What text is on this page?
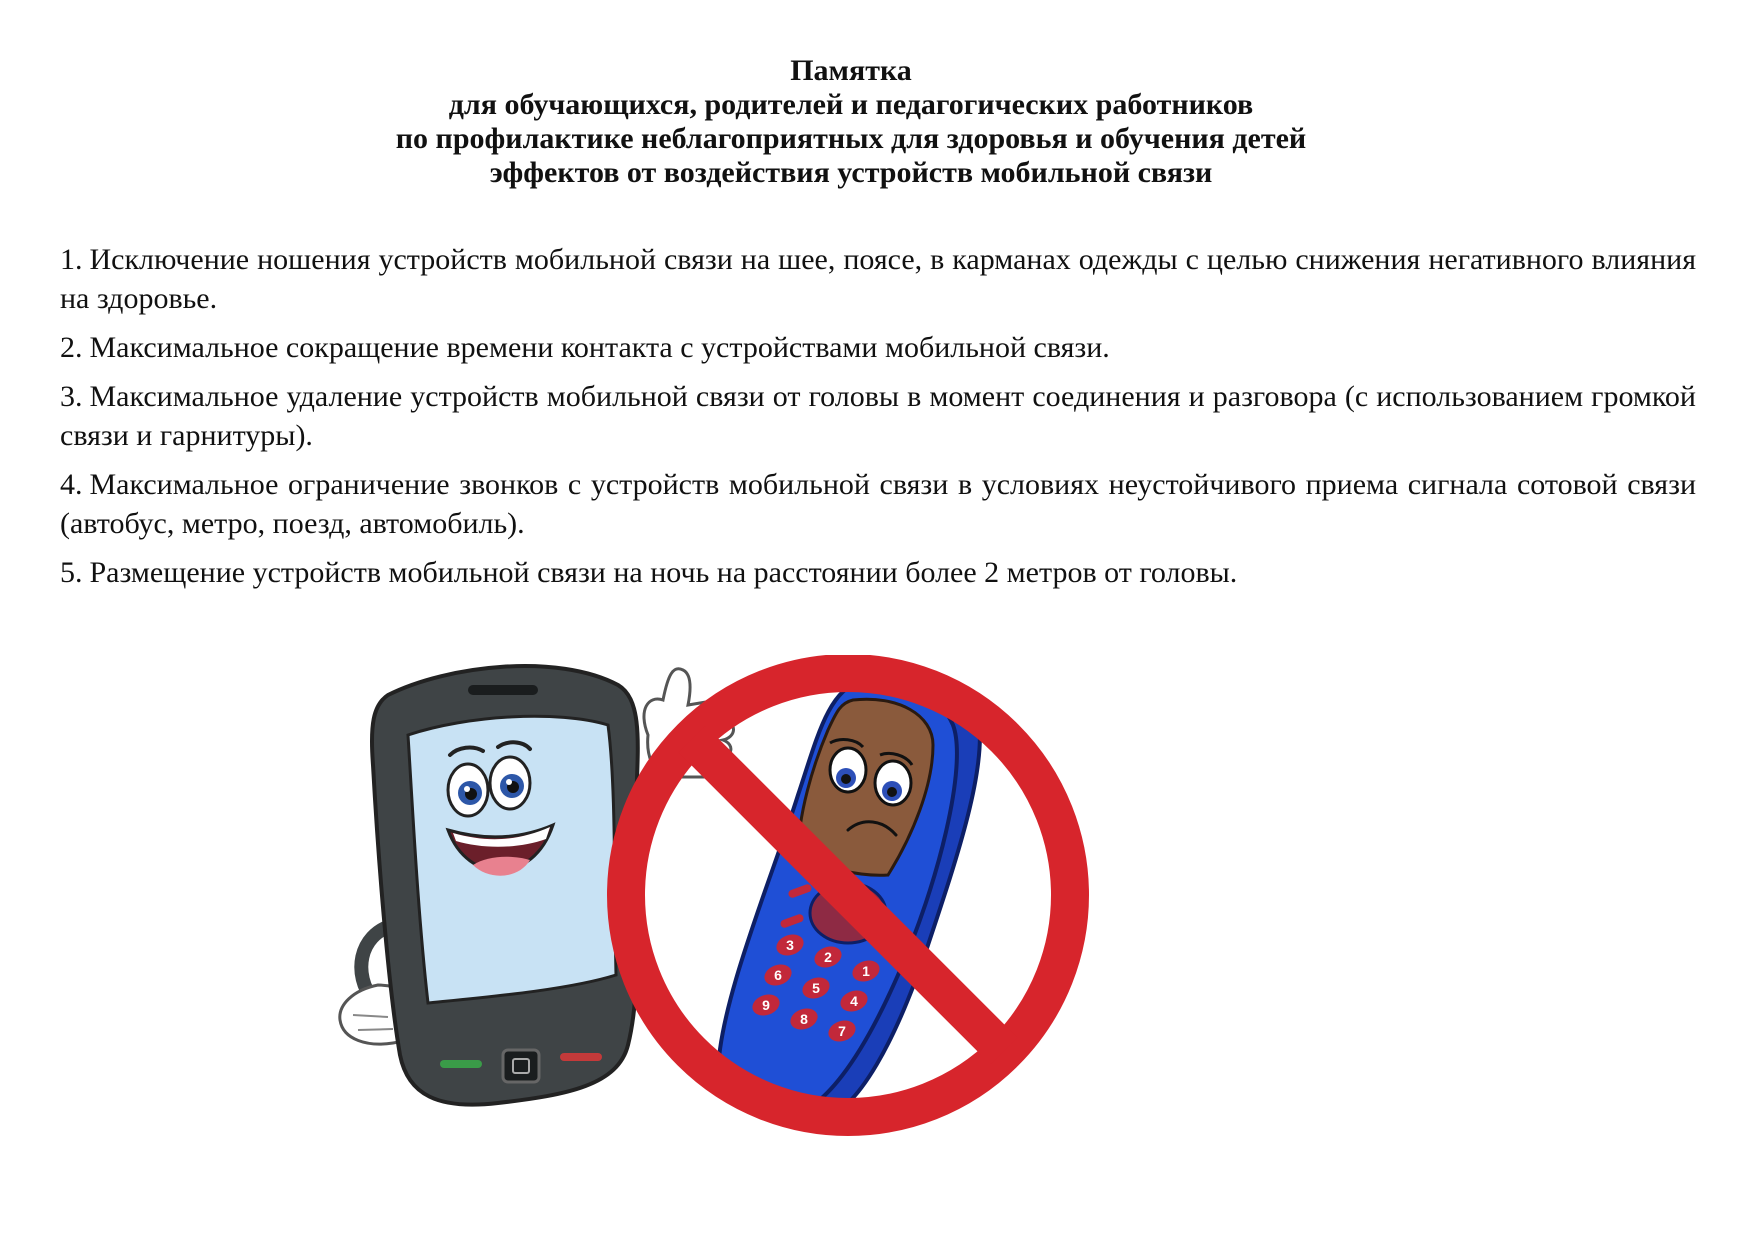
Памятка
для обучающихся, родителей и педагогических работников
по профилактике неблагоприятных для здоровья и обучения детей
эффектов от воздействия устройств мобильной связи

1. Исключение ношения устройств мобильной связи на шее, поясе, в карманах одежды с целью снижения негативного влияния на здоровье.

2. Максимальное сокращение времени контакта с устройствами мобильной связи.

3. Максимальное удаление устройств мобильной связи от головы в момент соединения и разговора (с использованием громкой связи и гарнитуры).

4. Максимальное ограничение звонков с устройств мобильной связи в условиях неустойчивого приема сигнала сотовой связи (автобус, метро, поезд, автомобиль).

5. Размещение устройств мобильной связи на ночь на расстоянии более 2 метров от головы.

1
2
3
4
5
6
7
8
9
